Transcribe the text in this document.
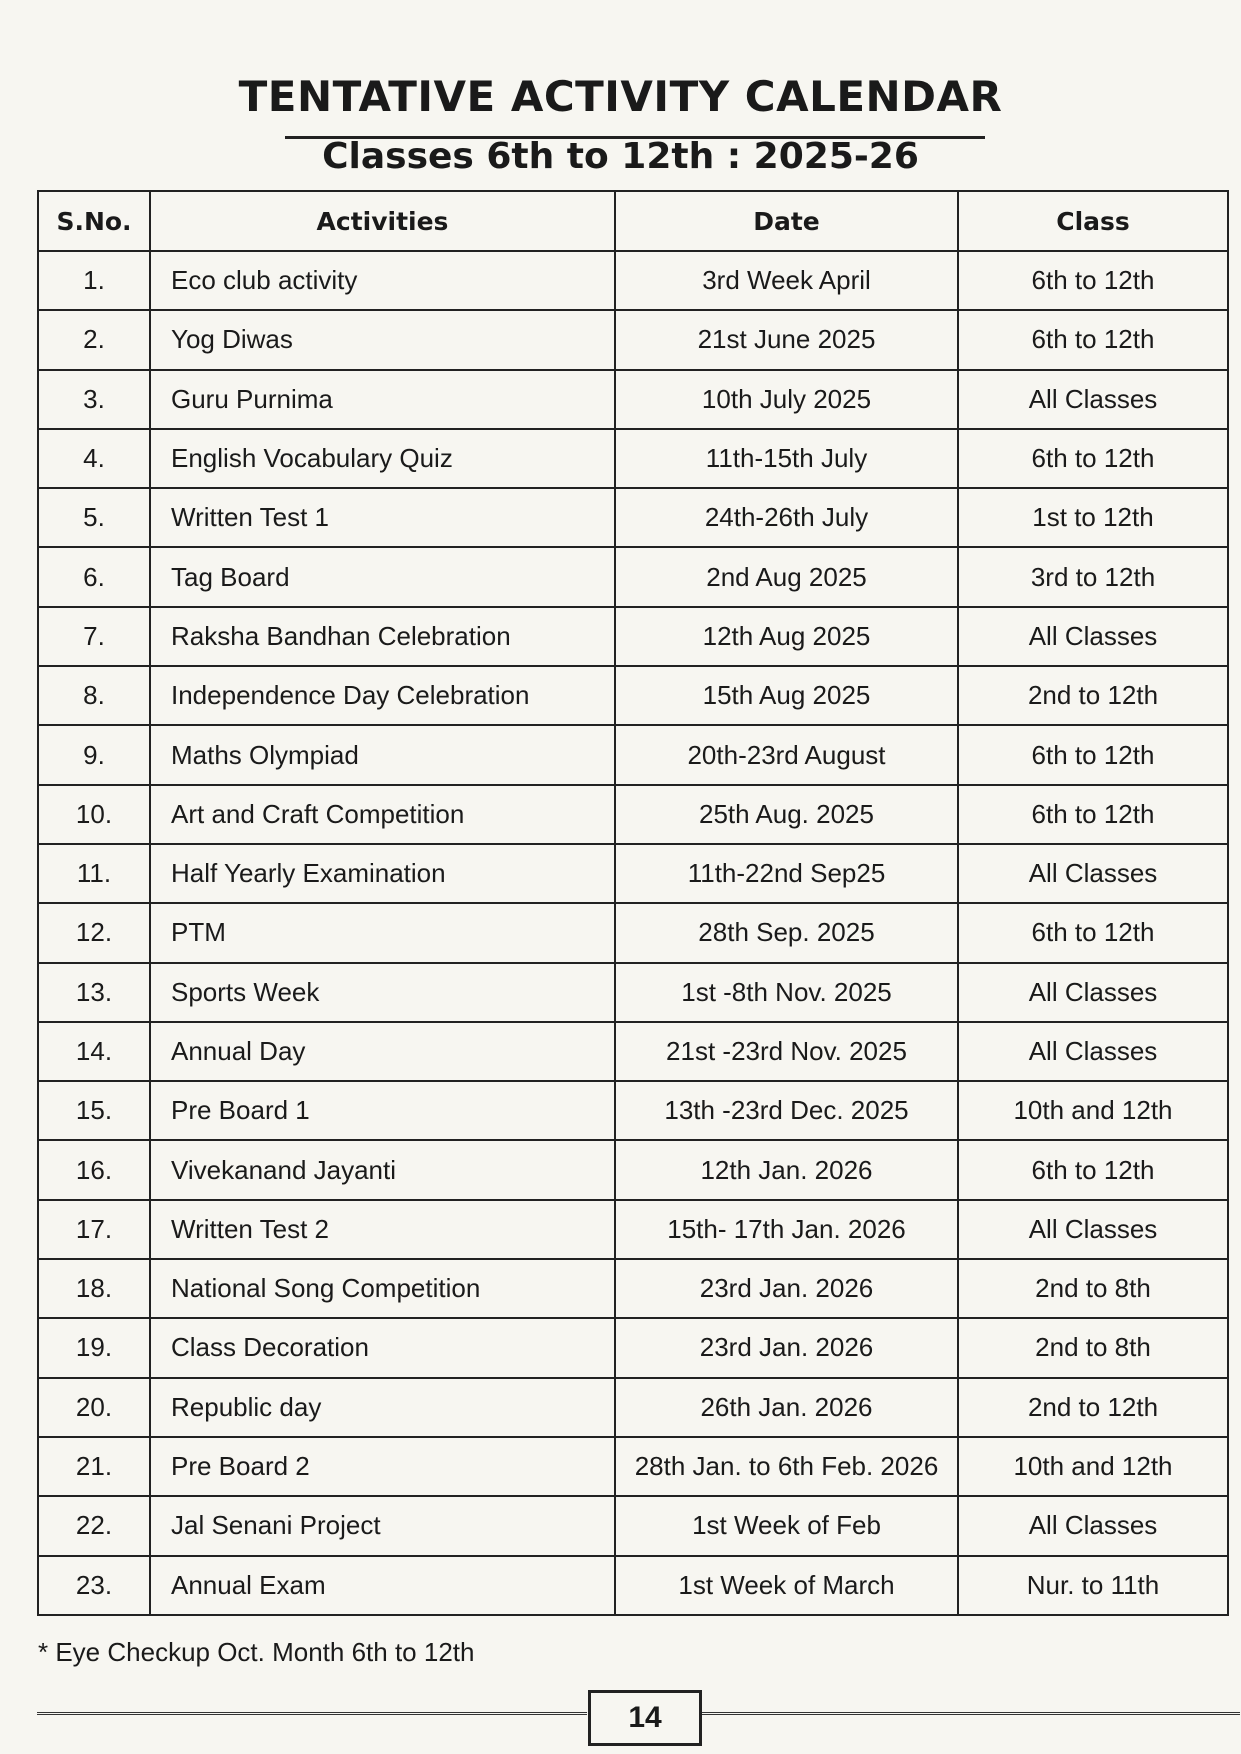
TENTATIVE ACTIVITY CALENDAR
Classes 6th to 12th : 2025-26
S.No.	Activities	Date	Class
1.	Eco club activity	3rd Week April	6th to 12th
2.	Yog Diwas	21st June 2025	6th to 12th
3.	Guru Purnima	10th July 2025	All Classes
4.	English Vocabulary Quiz	11th-15th July	6th to 12th
5.	Written Test 1	24th-26th July	1st to 12th
6.	Tag Board	2nd Aug 2025	3rd to 12th
7.	Raksha Bandhan Celebration	12th Aug 2025	All Classes
8.	Independence Day Celebration	15th Aug 2025	2nd to 12th
9.	Maths Olympiad	20th-23rd August	6th to 12th
10.	Art and Craft Competition	25th Aug. 2025	6th to 12th
11.	Half Yearly Examination	11th-22nd Sep25	All Classes
12.	PTM	28th Sep. 2025	6th to 12th
13.	Sports Week	1st -8th Nov. 2025	All Classes
14.	Annual Day	21st -23rd Nov. 2025	All Classes
15.	Pre Board 1	13th -23rd Dec. 2025	10th and 12th
16.	Vivekanand Jayanti	12th Jan. 2026	6th to 12th
17.	Written Test 2	15th- 17th Jan. 2026	All Classes
18.	National Song Competition	23rd Jan. 2026	2nd to 8th
19.	Class Decoration	23rd Jan. 2026	2nd to 8th
20.	Republic day	26th Jan. 2026	2nd to 12th
21.	Pre Board 2	28th Jan. to 6th Feb. 2026	10th and 12th
22.	Jal Senani Project	1st Week of Feb	All Classes
23.	Annual Exam	1st Week of March	Nur. to 11th
* Eye Checkup Oct. Month 6th to 12th
14
